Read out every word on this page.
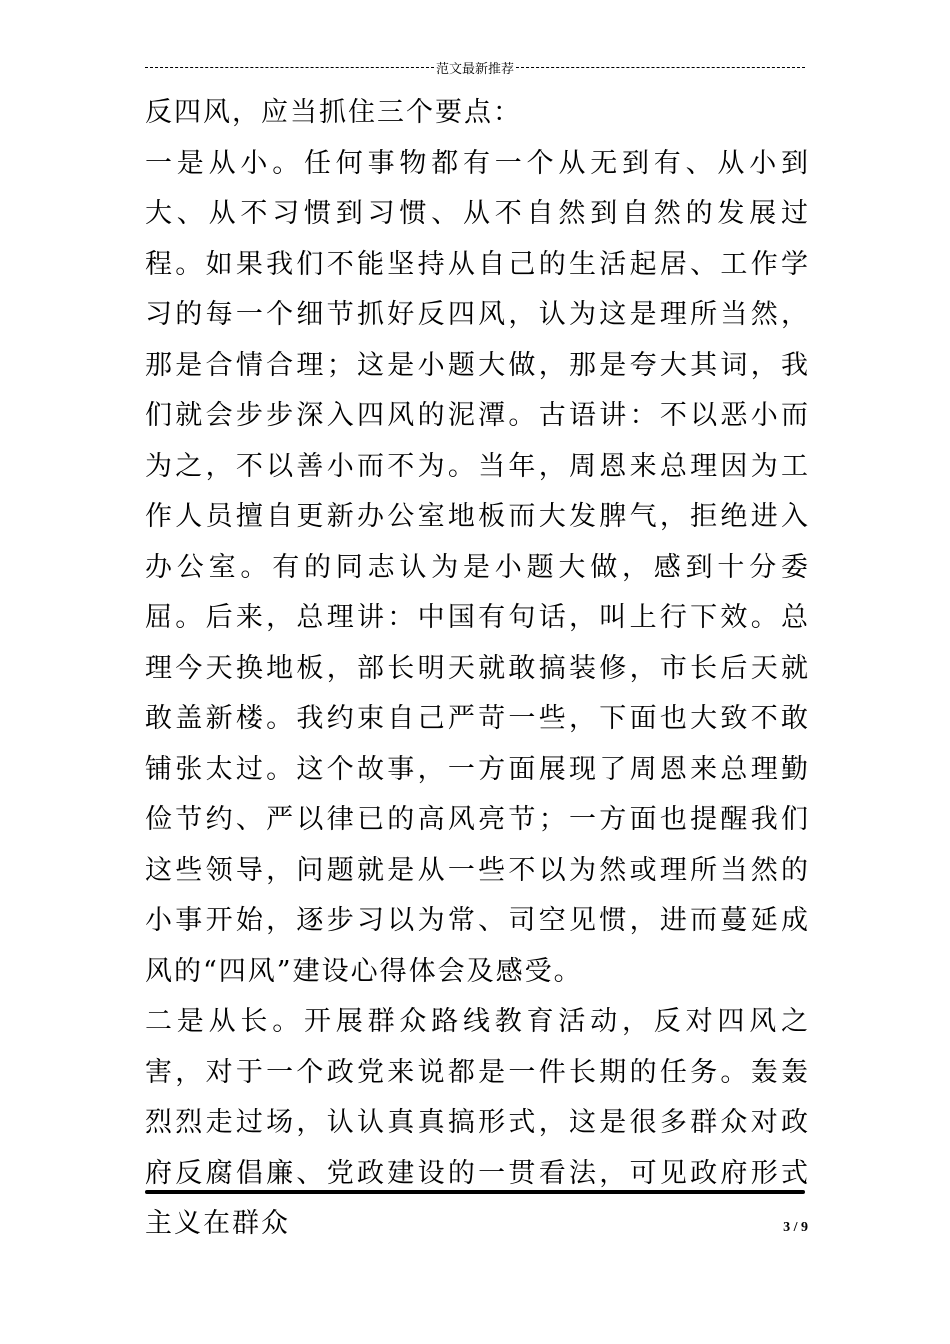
范文最新推荐

反四风，应当抓住三个要点：

一是从小。任何事物都有一个从无到有、从小到大、从不习惯到习惯、从不自然到自然的发展过程。如果我们不能坚持从自己的生活起居、工作学习的每一个细节抓好反四风，认为这是理所当然，那是合情合理；这是小题大做，那是夸大其词，我们就会步步深入四风的泥潭。古语讲：不以恶小而为之，不以善小而不为。当年，周恩来总理因为工作人员擅自更新办公室地板而大发脾气，拒绝进入办公室。有的同志认为是小题大做，感到十分委屈。后来，总理讲：中国有句话，叫上行下效。总理今天换地板，部长明天就敢搞装修，市长后天就敢盖新楼。我约束自己严苛一些，下面也大致不敢铺张太过。这个故事，一方面展现了周恩来总理勤俭节约、严以律已的高风亮节；一方面也提醒我们这些领导，问题就是从一些不以为然或理所当然的小事开始，逐步习以为常、司空见惯，进而蔓延成风的“四风”建设心得体会及感受。

二是从长。开展群众路线教育活动，反对四风之害，对于一个政党来说都是一件长期的任务。轰轰烈烈走过场，认认真真搞形式，这是很多群众对政府反腐倡廉、党政建设的一贯看法，可见政府形式主义在群众	3 / 9
